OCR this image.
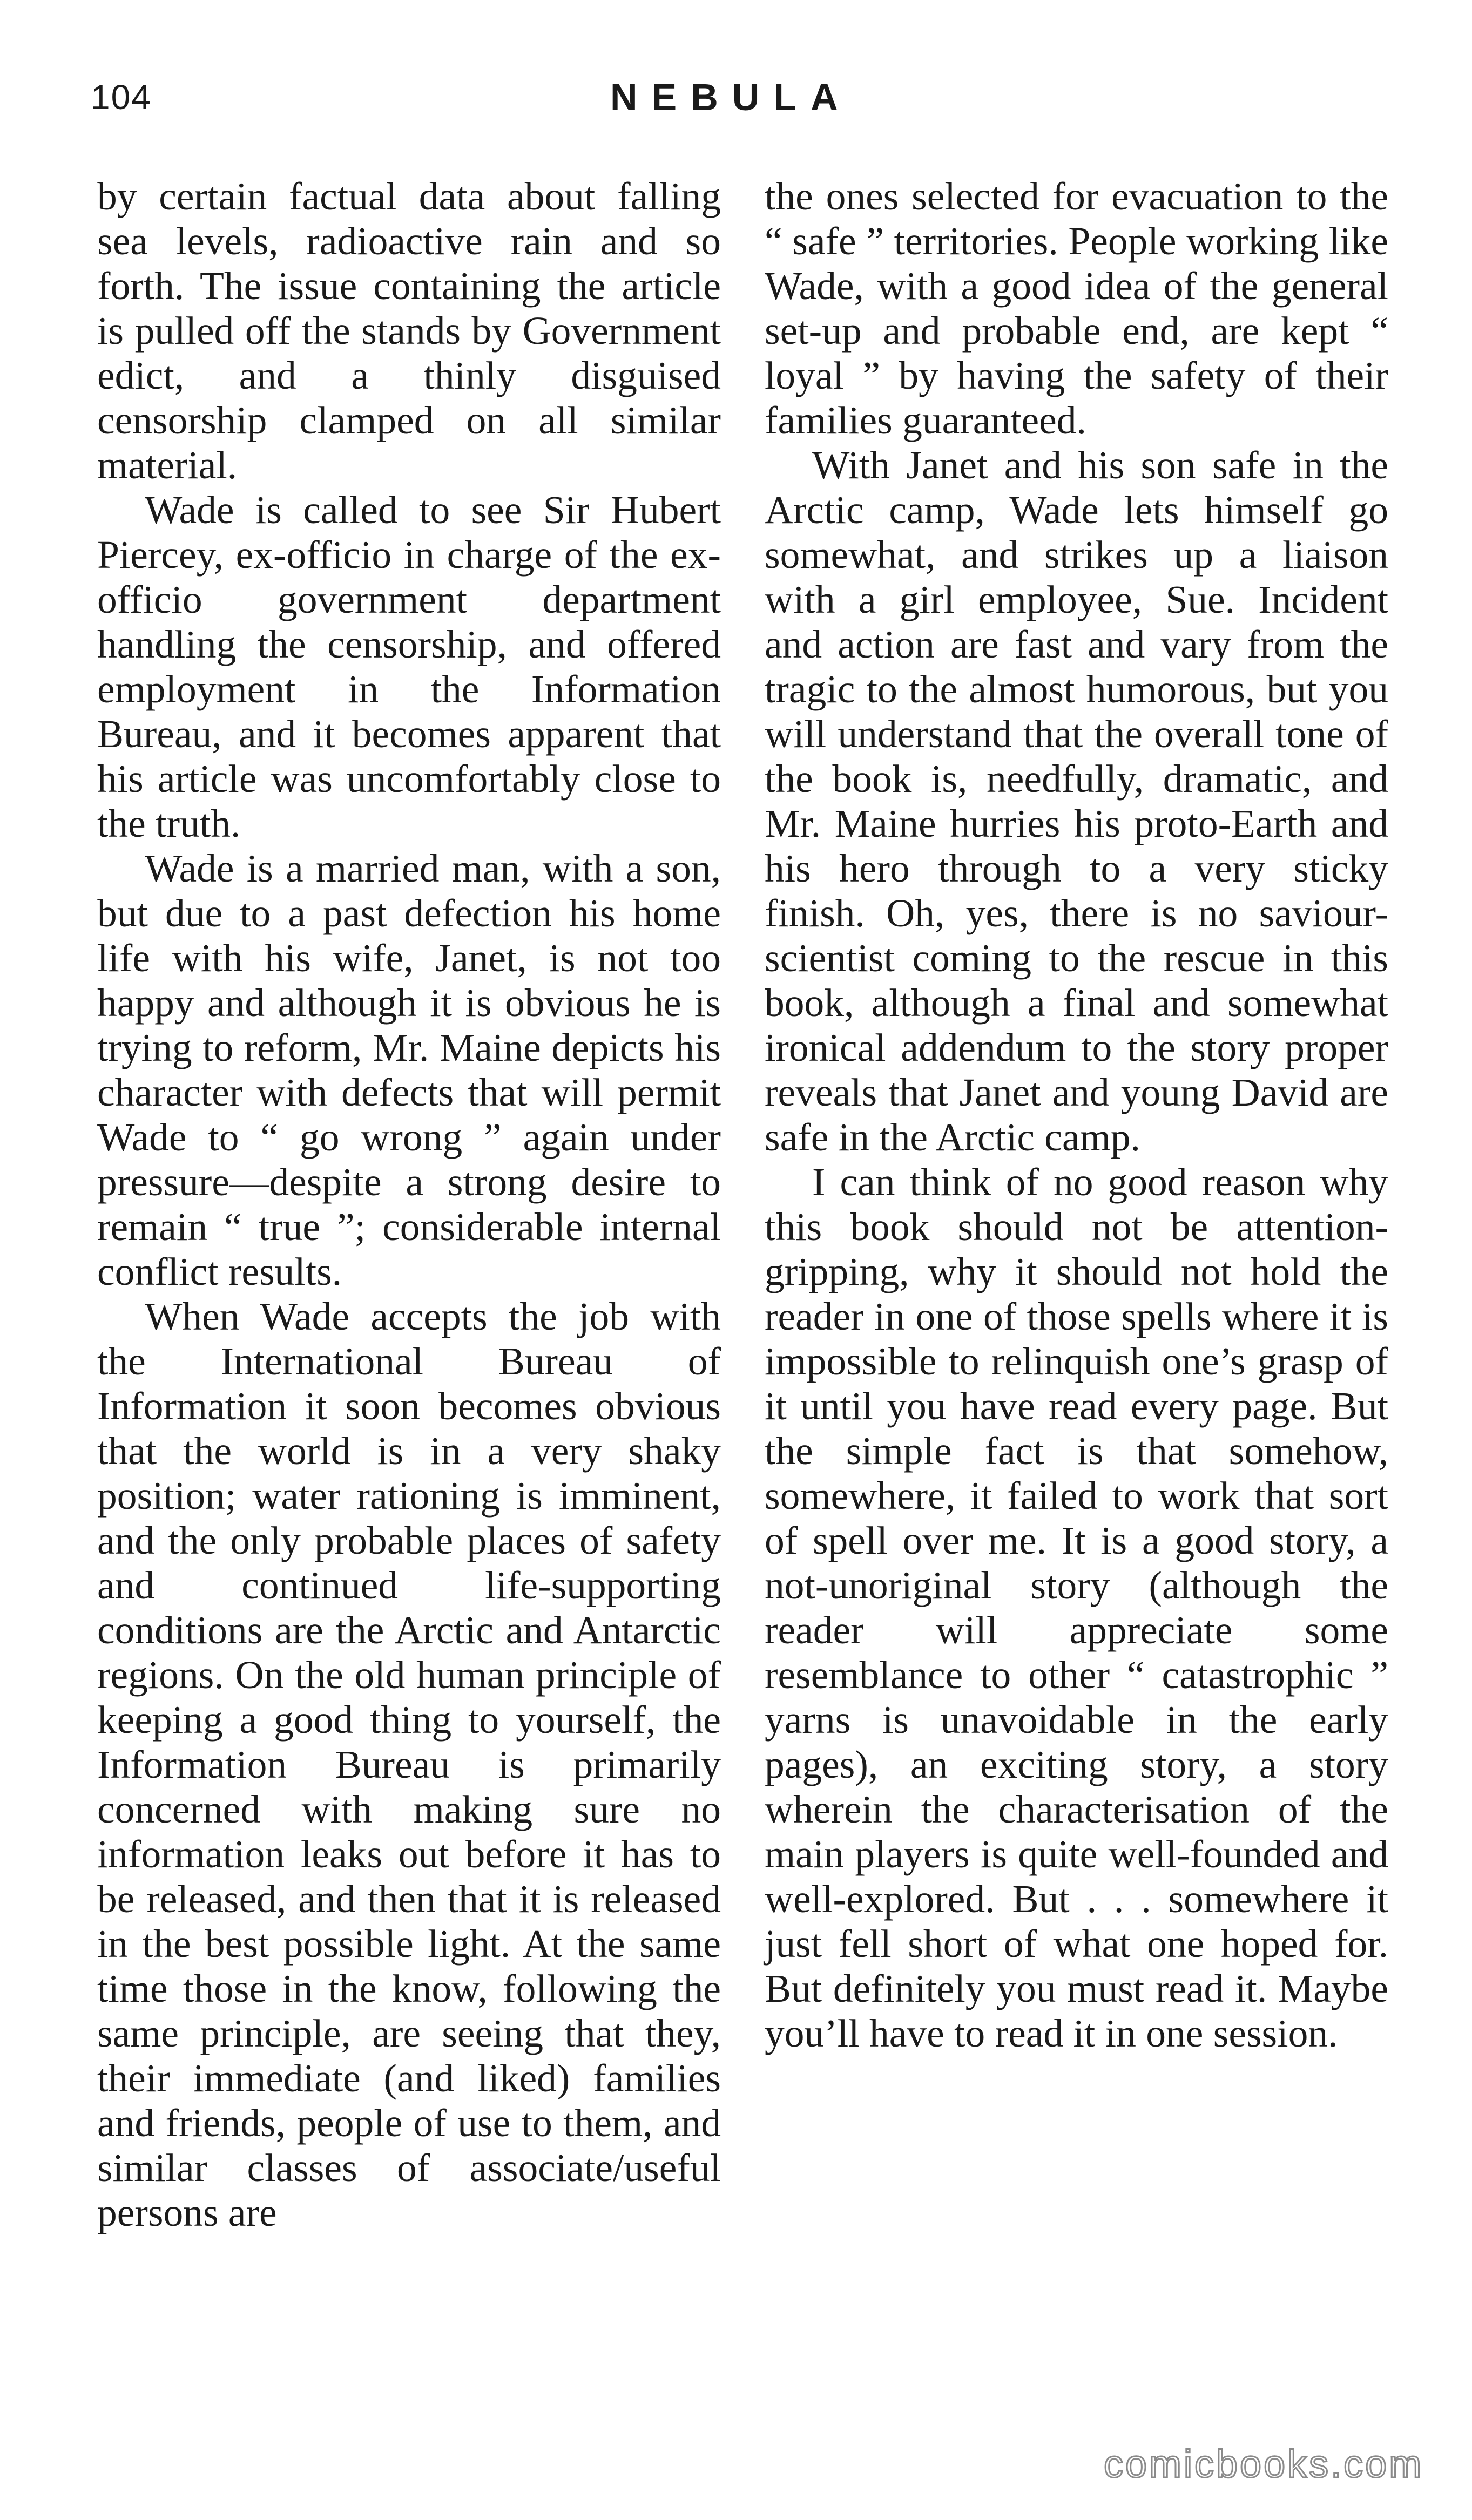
104	NEBULA

by certain factual data about falling sea levels, radioactive rain and so forth. The issue containing the article is pulled off the stands by Government edict, and a thinly disguised censorship clamped on all similar material.

Wade is called to see Sir Hubert Piercey, ex-officio in charge of the ex-officio government department handling the censorship, and offered employment in the Information Bureau, and it becomes apparent that his article was uncomfortably close to the truth.

Wade is a married man, with a son, but due to a past defection his home life with his wife, Janet, is not too happy and although it is obvious he is trying to reform, Mr. Maine depicts his character with defects that will permit Wade to “ go wrong ” again under pressure—despite a strong desire to remain “ true ”; considerable internal conflict results.

When Wade accepts the job with the International Bureau of Information it soon becomes obvious that the world is in a very shaky position; water rationing is imminent, and the only probable places of safety and continued life-supporting conditions are the Arctic and Antarctic regions. On the old human principle of keeping a good thing to yourself, the Information Bureau is primarily concerned with making sure no information leaks out before it has to be released, and then that it is released in the best possible light. At the same time those in the know, following the same principle, are seeing that they, their immediate (and liked) families and friends, people of use to them, and similar classes of associate/useful persons are

the ones selected for evacuation to the “ safe ” territories. People working like Wade, with a good idea of the general set-up and probable end, are kept “ loyal ” by having the safety of their families guaranteed.

With Janet and his son safe in the Arctic camp, Wade lets himself go somewhat, and strikes up a liaison with a girl employee, Sue. Incident and action are fast and vary from the tragic to the almost humorous, but you will understand that the overall tone of the book is, needfully, dramatic, and Mr. Maine hurries his proto-Earth and his hero through to a very sticky finish. Oh, yes, there is no saviour-scientist coming to the rescue in this book, although a final and somewhat ironical addendum to the story proper reveals that Janet and young David are safe in the Arctic camp.

I can think of no good reason why this book should not be attention-gripping, why it should not hold the reader in one of those spells where it is impossible to relinquish one’s grasp of it until you have read every page. But the simple fact is that somehow, somewhere, it failed to work that sort of spell over me. It is a good story, a not-unoriginal story (although the reader will appreciate some resemblance to other “ catastrophic ” yarns is unavoidable in the early pages), an exciting story, a story wherein the characterisation of the main players is quite well-founded and well-explored. But . . . somewhere it just fell short of what one hoped for. But definitely you must read it. Maybe you’ll have to read it in one session.

comicbooks.com
